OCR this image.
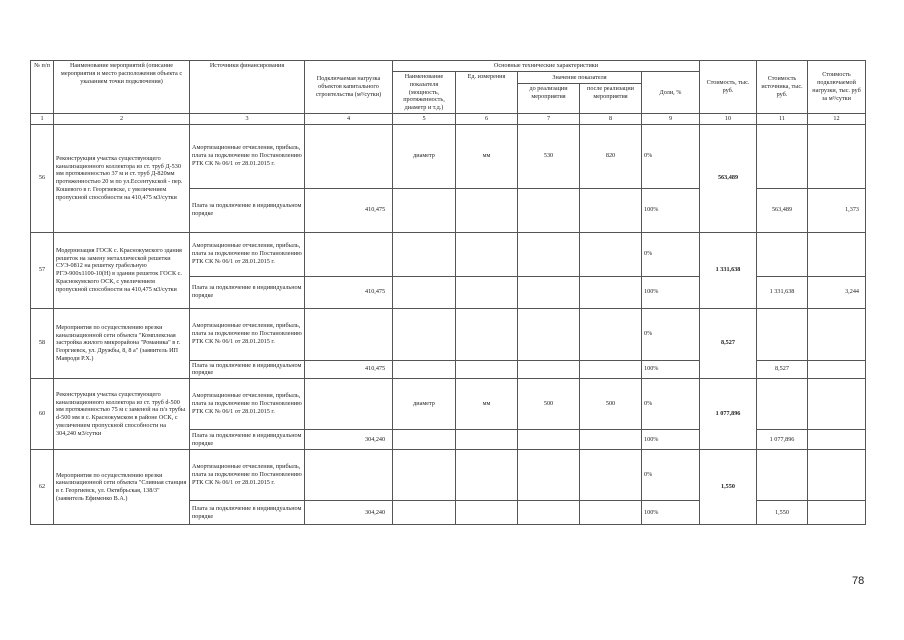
№ п/п	Наименование мероприятий (описание мероприятия и место расположения объекта с указанием точки подключения)	Источники финансирования	Подключаемая нагрузка объектов капитального строительства (м³/сутки)	Основные технические характеристики					Стоимость, тыс. руб.	Стоимость источника, тыс. руб.	Стоимость подключаемой нагрузки, тыс. руб за м³/сутки
				Наименование показателя (мощность, протяженность, диаметр и т.д.)	Ед. измерения	Значение показателя		Доли, %			
						до реализации мероприятия	после реализации мероприятия				
1	2	3	4	5	6	7	8	9	10	11	12
56	Реконструкция участка существующего канализационного коллектора из ст. труб Д-530 мм протяженностью 37 м и ст. труб Д-820мм протяженностью 20 м по ул.Ессентукской - пер. Кошевого в г. Георгиевске, с увеличением пропускной способности на 410,475 м3/сутки	Амортизационные отчисления, прибыль, плата за подключение по Постановлению РТК СК № 06/1 от 28.01.2015 г.		диаметр	мм	530	820	0%	563,489		
		Плата за подключение в индивидуальном порядке	410,475					100%		563,489	1,373
57	Модернизация ГОСК с. Краснокумского здания решеток на замену металлической решетки СУЭ-0812 на решетку грабельную РГЭ-900х1100-10(Н) в здании решеток ГОСК с. Краснокумского ОСК, с увеличением пропускной способности на 410,475 м3/сутки	Амортизационные отчисления, прибыль, плата за подключение по Постановлению РТК СК № 06/1 от 28.01.2015 г.						0%	1 331,638		
		Плата за подключение в индивидуальном порядке	410,475					100%		1 331,638	3,244
58	Мероприятия по осуществлению врезки канализационной сети объекта "Комплексная застройка жилого микрорайона "Романика" в г. Георгиевск, ул. Дружбы, 8, 8 а" (заявитель ИП Мавроди Р.Х.)	Амортизационные отчисления, прибыль, плата за подключение по Постановлению РТК СК № 06/1 от 28.01.2015 г.						0%	8,527		
		Плата за подключение в индивидуальном порядке	410,475					100%		8,527	
60	Реконструкция участка существующего канализационного коллектора из ст. труб d-500 мм протяженностью 75 м с заменой на п/э трубы d-500 мм в с. Краснокумском в районе ОСК, с увеличением пропускной способности на 304,240 м3/сутки	Амортизационные отчисления, прибыль, плата за подключение по Постановлению РТК СК № 06/1 от 28.01.2015 г.		диаметр	мм	500	500	0%	1 077,896		
		Плата за подключение в индивидуальном порядке	304,240					100%		1 077,896	
62	Мероприятия по осуществлению врезки канализационной сети объекта "Сливная станция в г. Георгиевск, ул. Октябрьская, 138/3" (заявитель Ефименко В.А.)	Амортизационные отчисления, прибыль, плата за подключение по Постановлению РТК СК № 06/1 от 28.01.2015 г.						0%	1,550		
		Плата за подключение в индивидуальном порядке	304,240					100%		1,550	
78
